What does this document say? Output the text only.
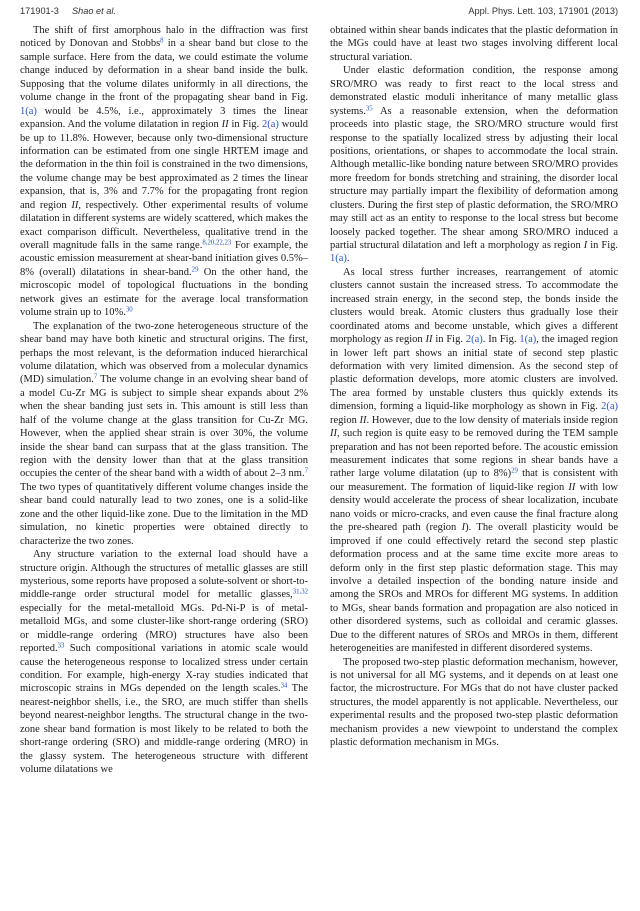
171901-3 Shao et al.	Appl. Phys. Lett. 103, 171901 (2013)

The shift of first amorphous halo in the diffraction was first noticed by Donovan and Stobbs$^8$ in a shear band but close to the sample surface. Here from the data, we could estimate the volume change induced by deformation in a shear band inside the bulk. Supposing that the volume dilates uniformly in all directions, the volume change in the front of the propagating shear band in Fig. 1(a) would be 4.5%, i.e., approximately 3 times the linear expansion. And the volume dilatation in region II in Fig. 2(a) would be up to 11.8%. However, because only two-dimensional structure information can be estimated from one single HRTEM image and the deformation in the thin foil is constrained in the two dimensions, the volume change may be best approximated as 2 times the linear expansion, that is, 3% and 7.7% for the propagating front region and region II, respectively. Other experimental results of volume dilatation in different systems are widely scattered, which makes the exact comparison difficult. Nevertheless, qualitative trend in the overall magnitude falls in the same range.$^{8,20,22,23}$ For example, the acoustic emission measurement at shear-band initiation gives 0.5%–8% (overall) dilatations in shear-band.$^{29}$ On the other hand, the microscopic model of topological fluctuations in the bonding network gives an estimate for the average local transformation volume strain up to 10%.$^{30}$

The explanation of the two-zone heterogeneous structure of the shear band may have both kinetic and structural origins. The first, perhaps the most relevant, is the deformation induced hierarchical volume dilatation, which was observed from a molecular dynamics (MD) simulation.$^7$ The volume change in an evolving shear band of a model Cu-Zr MG is subject to simple shear expands about 2% when the shear banding just sets in. This amount is still less than half of the volume change at the glass transition for Cu-Zr MG. However, when the applied shear strain is over 30%, the volume inside the shear band can surpass that at the glass transition. The region with the density lower than that at the glass transition occupies the center of the shear band with a width of about 2–3 nm.$^7$ The two types of quantitatively different volume changes inside the shear band could naturally lead to two zones, one is a solid-like zone and the other liquid-like zone. Due to the limitation in the MD simulation, no kinetic properties were obtained directly to characterize the two zones.

Any structure variation to the external load should have a structure origin. Although the structures of metallic glasses are still mysterious, some reports have proposed a solute-solvent or short-to-middle-range order structural model for metallic glasses,$^{31,32}$ especially for the metal-metalloid MGs. Pd-Ni-P is of metal-metalloid MGs, and some cluster-like short-range ordering (SRO) or middle-range ordering (MRO) structures have also been reported.$^{33}$ Such compositional variations in atomic scale would cause the heterogeneous response to localized stress under certain condition. For example, high-energy X-ray studies indicated that microscopic strains in MGs depended on the length scales.$^{34}$ The nearest-neighbor shells, i.e., the SRO, are much stiffer than shells beyond nearest-neighbor lengths. The structural change in the two-zone shear band formation is most likely to be related to both the short-range ordering (SRO) and middle-range ordering (MRO) in the glassy system. The heterogeneous structure with different volume dilatations we

obtained within shear bands indicates that the plastic deformation in the MGs could have at least two stages involving different local structural variation.

Under elastic deformation condition, the response among SRO/MRO was ready to first react to the local stress and demonstrated elastic moduli inheritance of many metallic glass systems.$^{35}$ As a reasonable extension, when the deformation proceeds into plastic stage, the SRO/MRO structure would first response to the spatially localized stress by adjusting their local positions, orientations, or shapes to accommodate the local strain. Although metallic-like bonding nature between SRO/MRO provides more freedom for bonds stretching and straining, the disorder local structure may partially impart the flexibility of deformation among clusters. During the first step of plastic deformation, the SRO/MRO may still act as an entity to response to the local stress but become loosely packed together. The shear among SRO/MRO induced a partial structural dilatation and left a morphology as region I in Fig. 1(a).

As local stress further increases, rearrangement of atomic clusters cannot sustain the increased stress. To accommodate the increased strain energy, in the second step, the bonds inside the clusters would break. Atomic clusters thus gradually lose their coordinated atoms and become unstable, which gives a different morphology as region II in Fig. 2(a). In Fig. 1(a), the imaged region in lower left part shows an initial state of second step plastic deformation with very limited dimension. As the second step of plastic deformation develops, more atomic clusters are involved. The area formed by unstable clusters thus quickly extends its dimension, forming a liquid-like morphology as shown in Fig. 2(a) region II. However, due to the low density of materials inside region II, such region is quite easy to be removed during the TEM sample preparation and has not been reported before. The acoustic emission measurement indicates that some regions in shear bands have a rather large volume dilatation (up to 8%)$^{29}$ that is consistent with our measurement. The formation of liquid-like region II with low density would accelerate the process of shear localization, incubate nano voids or micro-cracks, and even cause the final fracture along the pre-sheared path (region I). The overall plasticity would be improved if one could effectively retard the second step plastic deformation process and at the same time excite more areas to deform only in the first step plastic deformation stage. This may involve a detailed inspection of the bonding nature inside and among the SROs and MROs for different MG systems. In addition to MGs, shear bands formation and propagation are also noticed in other disordered systems, such as colloidal and ceramic glasses. Due to the different natures of SROs and MROs in them, different heterogeneities are manifested in different disordered systems.

The proposed two-step plastic deformation mechanism, however, is not universal for all MG systems, and it depends on at least one factor, the microstructure. For MGs that do not have cluster packed structures, the model apparently is not applicable. Nevertheless, our experimental results and the proposed two-step plastic deformation mechanism provides a new viewpoint to understand the complex plastic deformation mechanism in MGs.
